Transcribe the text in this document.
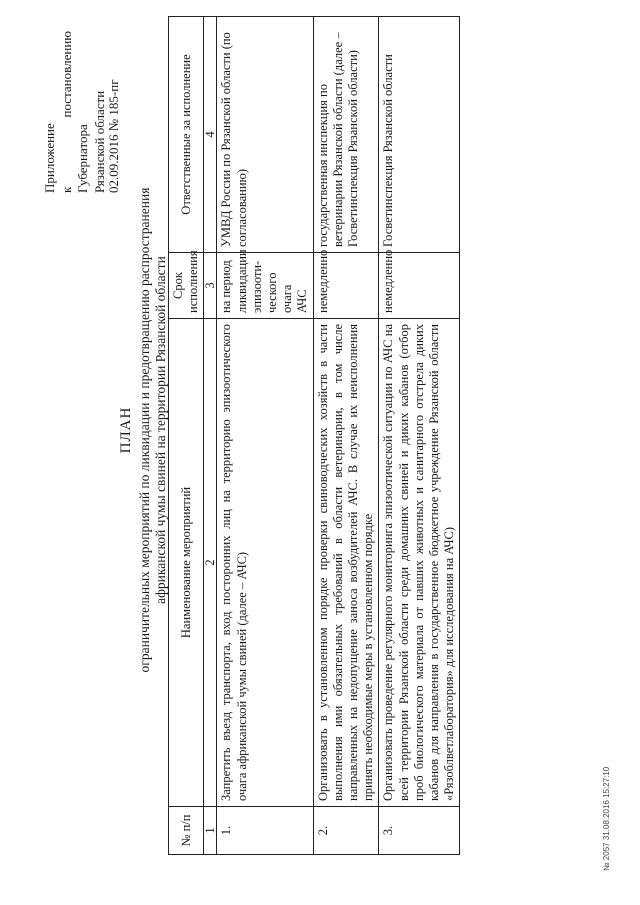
Приложение к постановлению Губернатора Рязанской области 02.09.2016 № 185-пг
ПЛАН ограничительных мероприятий по ликвидации и предотвращению распространения африканской чумы свиней на территории Рязанской области
№ п/п	Наименование мероприятий	Срок исполнения	Ответственные за исполнение
1	2	3	4
1.	Запретить въезд транспорта, вход посторонних лиц на территорию эпизоотического очага африканской чумы свиней (далее – АЧС)	на период ликвидации эпизооти-ческого очага АЧС	УМВД России по Рязанской области (по согласованию)
2.	Организовать в установленном порядке проверки свиноводческих хозяйств в части выполнения ими обязательных требований в области ветеринарии, в том числе направленных на недопущение заноса возбудителей АЧС. В случае их неисполнения принять необходимые меры в установленном порядке	немедленно	государственная инспекция по ветеринарии Рязанской области (далее – Госветинспекция Рязанской области)
3.	Организовать проведение регулярного мониторинга эпизоотической ситуации по АЧС на всей территории Рязанской области среди домашних свиней и диких кабанов (отбор проб биологического материала от павших животных и санитарного отстрела диких кабанов для направления в государственное бюджетное учреждение Рязанской области «Рязоблветлаборатория» для исследования на АЧС)	немедленно	Госветинспекция Рязанской области
№ 2057 31.08.2016 15:27:10
